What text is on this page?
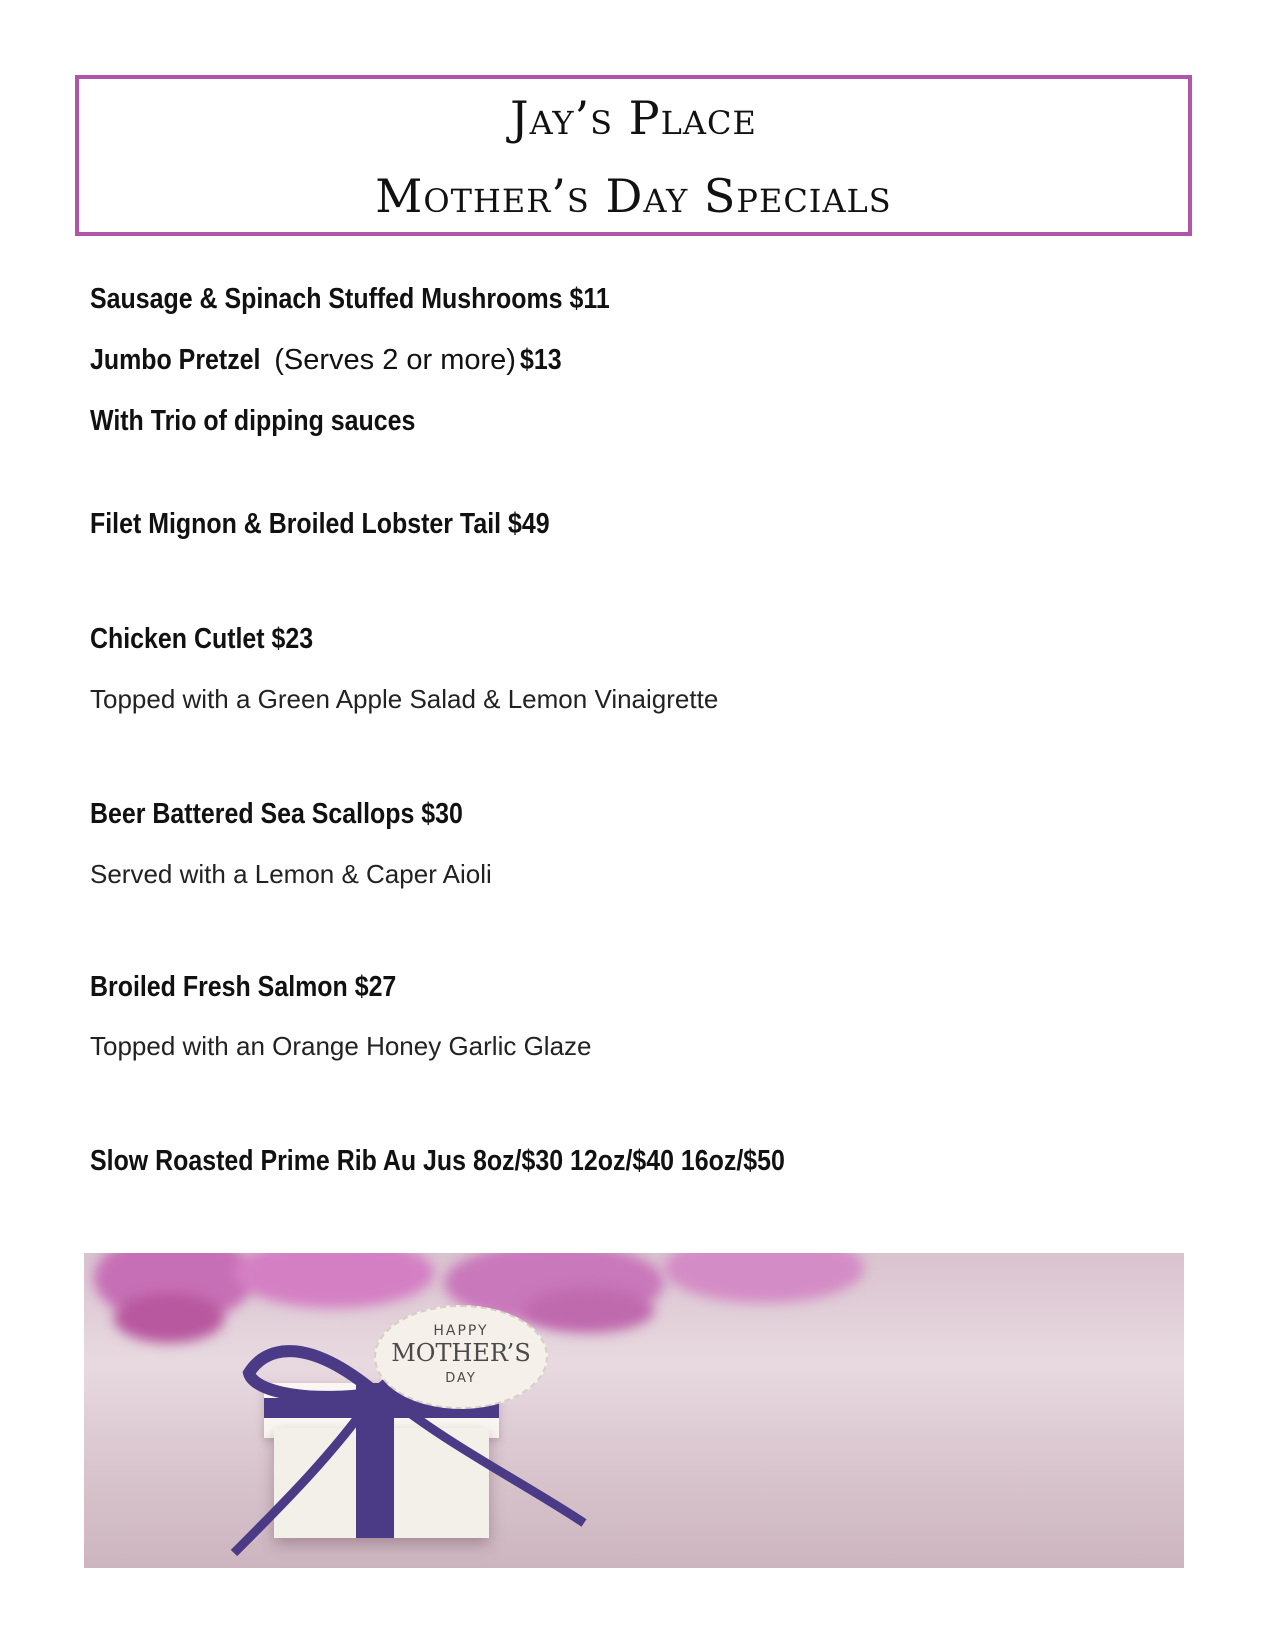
Jay’s Place
Mother’s Day Specials
Sausage & Spinach Stuffed Mushrooms $11
Jumbo Pretzel (Serves 2 or more) $13
With Trio of dipping sauces
Filet Mignon & Broiled Lobster Tail $49
Chicken Cutlet $23
Topped with a Green Apple Salad & Lemon Vinaigrette
Beer Battered Sea Scallops $30
Served with a Lemon & Caper Aioli
Broiled Fresh Salmon $27
Topped with an Orange Honey Garlic Glaze
Slow Roasted Prime Rib Au Jus 8oz/$30 12oz/$40 16oz/$50
HAPPY
MOTHER’S
DAY
